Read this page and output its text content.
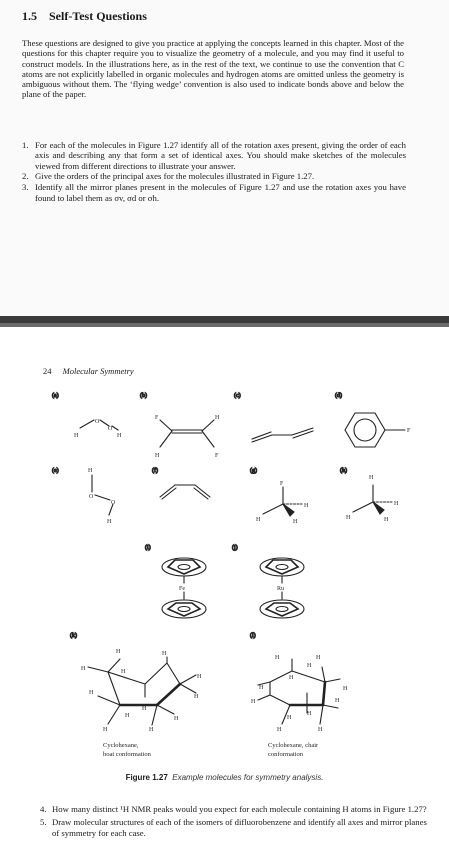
1.5 Self-Test Questions

These questions are designed to give you practice at applying the concepts learned in this chapter. Most of the questions for this chapter require you to visualize the geometry of a molecule, and you may find it useful to construct models. In the illustrations here, as in the rest of the text, we continue to use the convention that C atoms are not explicitly labelled in organic molecules and hydrogen atoms are omitted unless the geometry is ambiguous without them. The ‘flying wedge’ convention is also used to indicate bonds above and below the plane of the paper.

1. For each of the molecules in Figure 1.27 identify all of the rotation axes present, giving the order of each axis and describing any that form a set of identical axes. You should make sketches of the molecules viewed from different directions to illustrate your answer.
2. Give the orders of the principal axes for the molecules illustrated in Figure 1.27.
3. Identify all the mirror planes present in the molecules of Figure 1.27 and use the rotation axes you have found to label them as σv, σd or σh.
24 Molecular Symmetry
(a)	(b)	(c)	(d)
(e)	(f)	(g)	(h)
(i)	(j)
(k)	(l)
H
O
O
H
F
H
H
F
F
H
O
O
H
F
H
H	H
H
H
H	H
Fe	Ru
H	H
H	H
H
H
H
H
H
H
H	H
Cyclohexane,
boat conformation
H	H
H
H
H	H
H	H
H
H
H	H
Cyclohexane, chair
conformation
Figure 1.27 Example molecules for symmetry analysis.
4. How many distinct ¹H NMR peaks would you expect for each molecule containing H atoms in Figure 1.27?
5. Draw molecular structures of each of the isomers of difluorobenzene and identify all axes and mirror planes of symmetry for each case.
